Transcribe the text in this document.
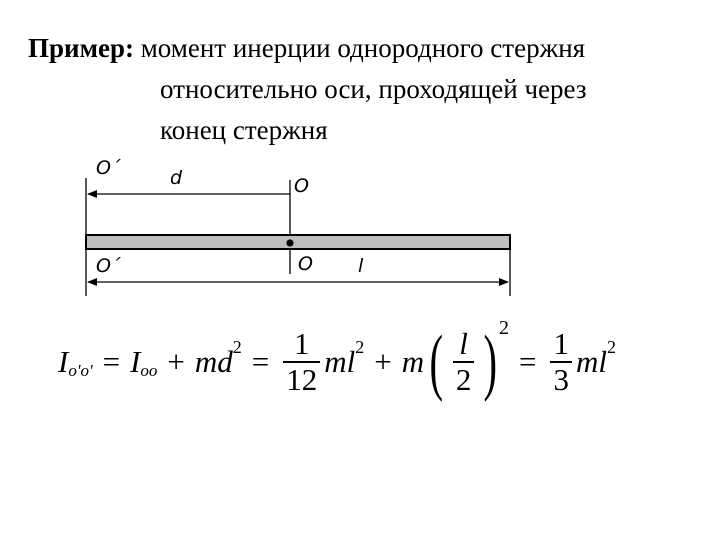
Пример: момент инерции однородного стержня
относительно оси, проходящей через
конец стержня
O´	d	O
O´	O l
I o'o' = I oo + md $2 = \frac{1}{12}$ ml 2 + m ( $\frac{l}{2}$ ) 2
= $\frac{1}{3}$ ml 2
